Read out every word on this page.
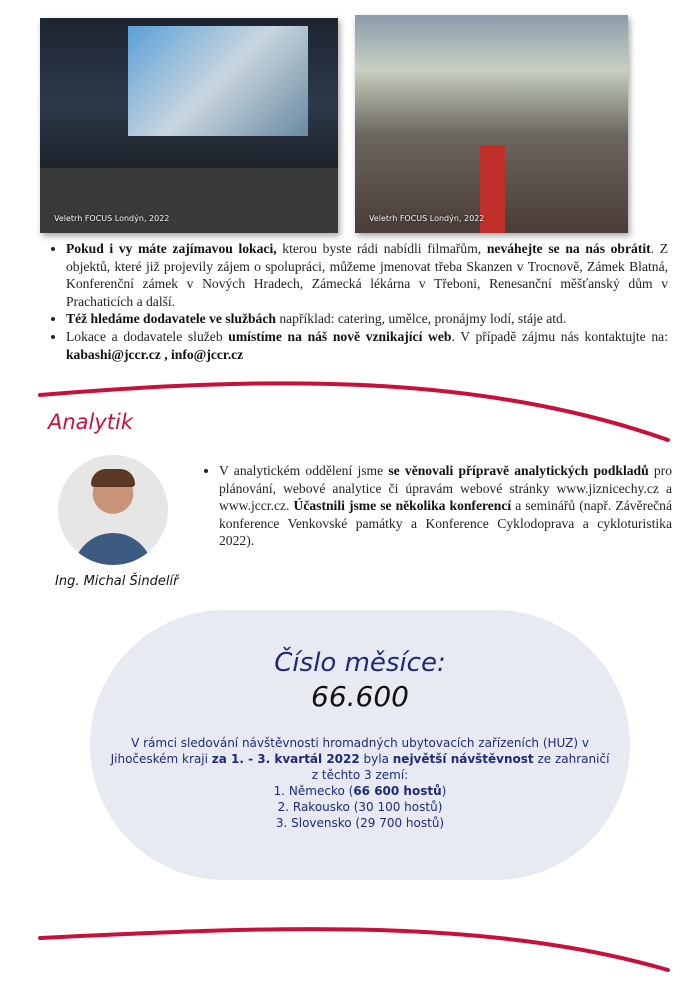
Veletrh FOCUS Londýn, 2022	Veletrh FOCUS Londýn, 2022
• Pokud i vy máte zajímavou lokaci, kterou byste rádi nabídli filmařům, neváhejte se na nás obrátit. Z objektů, které již projevily zájem o spolupráci, můžeme jmenovat třeba Skanzen v Trocnově, Zámek Blatná, Konferenční zámek v Nových Hradech, Zámecká lékárna v Třeboni, Renesanční měšťanský dům v Prachaticích a další.
• Též hledáme dodavatele ve službách například: catering, umělce, pronájmy lodí, stáje atd.
• Lokace a dodavatele služeb umístíme na náš nově vznikající web. V případě zájmu nás kontaktujte na: kabashi@jccr.cz , info@jccr.cz
Analytik
Ing. Michal Šindelíř
• V analytickém oddělení jsme se věnovali přípravě analytických podkladů pro plánování, webové analytice či úpravám webové stránky www.jiznicechy.cz a www.jccr.cz. Účastnili jsme se několika konferencí a seminářů (např. Závěrečná konference Venkovské památky a Konference Cyklodoprava a cykloturistika 2022).
Číslo měsíce:
66.600
V rámci sledování návštěvnosti hromadných ubytovacích zařízeních (HUZ) v Jihočeském kraji za 1. - 3. kvartál 2022 byla největší návštěvnost ze zahraničí z těchto 3 zemí:
1. Německo (66 600 hostů)
2. Rakousko (30 100 hostů)
3. Slovensko (29 700 hostů)
